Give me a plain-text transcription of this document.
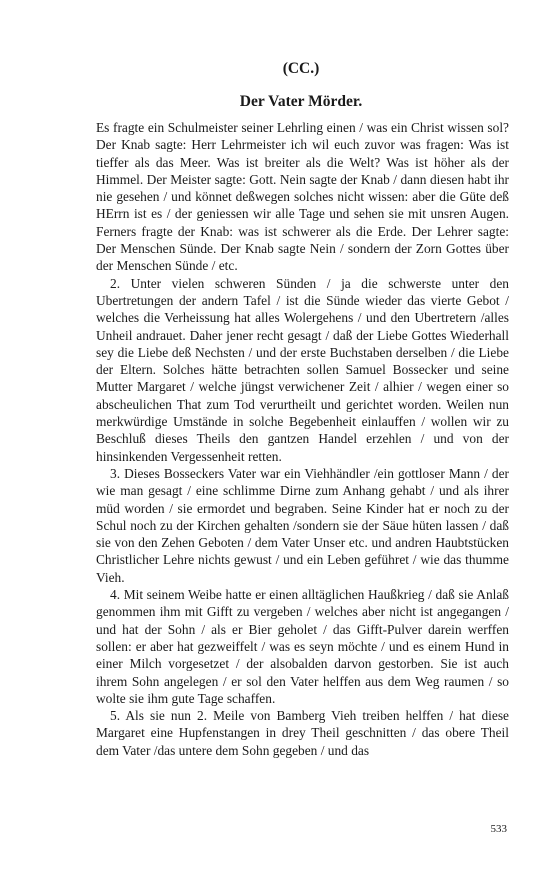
(CC.)
Der Vater Mörder.

Es fragte ein Schulmeister seiner Lehrling einen / was ein Christ wissen sol? Der Knab sagte: Herr Lehrmeister ich wil euch zuvor was fragen: Was ist tieffer als das Meer. Was ist breiter als die Welt? Was ist höher als der Himmel. Der Meister sagte: Gott. Nein sagte der Knab / dann diesen habt ihr nie gesehen / und könnet deßwegen solches nicht wissen: aber die Güte deß HErrn ist es / der geniessen wir alle Tage und sehen sie mit unsren Augen. Ferners fragte der Knab: was ist schwerer als die Erde. Der Lehrer sagte: Der Menschen Sünde. Der Knab sagte Nein / sondern der Zorn Gottes über der Menschen Sünde / etc.

2. Unter vielen schweren Sünden / ja die schwerste unter den Ubertretungen der andern Tafel / ist die Sünde wieder das vierte Gebot / welches die Verheissung hat alles Wolergehens / und den Ubertretern /alles Unheil andrauet. Daher jener recht gesagt / daß der Liebe Gottes Wiederhall sey die Liebe deß Nechsten / und der erste Buchstaben derselben / die Liebe der Eltern. Solches hätte betrachten sollen Samuel Bossecker und seine Mutter Margaret / welche jüngst verwichener Zeit / alhier / wegen einer so abscheulichen That zum Tod verurtheilt und gerichtet worden. Weilen nun merkwürdige Umstände in solche Begebenheit einlauffen / wollen wir zu Beschluß dieses Theils den gantzen Handel erzehlen / und von der hinsinkenden Vergessenheit retten.

3. Dieses Bosseckers Vater war ein Viehhändler /ein gottloser Mann / der wie man gesagt / eine schlimme Dirne zum Anhang gehabt / und als ihrer müd worden / sie ermordet und begraben. Seine Kinder hat er noch zu der Schul noch zu der Kirchen gehalten /sondern sie der Säue hüten lassen / daß sie von den Zehen Geboten / dem Vater Unser etc. und andren Haubtstücken Christlicher Lehre nichts gewust / und ein Leben geführet / wie das thumme Vieh.

4. Mit seinem Weibe hatte er einen alltäglichen Haußkrieg / daß sie Anlaß genommen ihm mit Gifft zu vergeben / welches aber nicht ist angegangen / und hat der Sohn / als er Bier geholet / das Gifft-Pulver darein werffen sollen: er aber hat gezweiffelt / was es seyn möchte / und es einem Hund in einer Milch vorgesetzet / der alsobalden darvon gestorben. Sie ist auch ihrem Sohn angelegen / er sol den Vater helffen aus dem Weg raumen / so wolte sie ihm gute Tage schaffen.

5. Als sie nun 2. Meile von Bamberg Vieh treiben helffen / hat diese Margaret eine Hupfenstangen in drey Theil geschnitten / das obere Theil dem Vater /das untere dem Sohn gegeben / und das

533
